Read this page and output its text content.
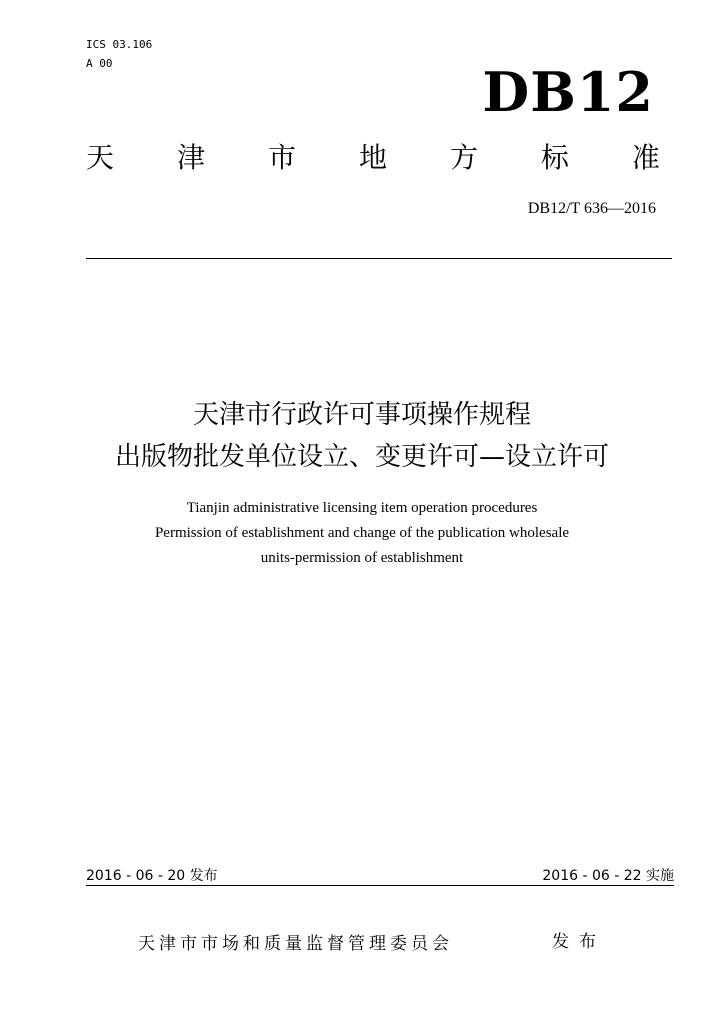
ICS 03.106
A 00	DB12
天 津 市 地 方 标 准
DB12/T 636—2016
天津市行政许可事项操作规程
出版物批发单位设立、变更许可—设立许可
Tianjin administrative licensing item operation procedures
Permission of establishment and change of the publication wholesale
units-permission of establishment
2016 - 06 - 20 发布	2016 - 06 - 22 实施
天津市市场和质量监督管理委员会	发布
